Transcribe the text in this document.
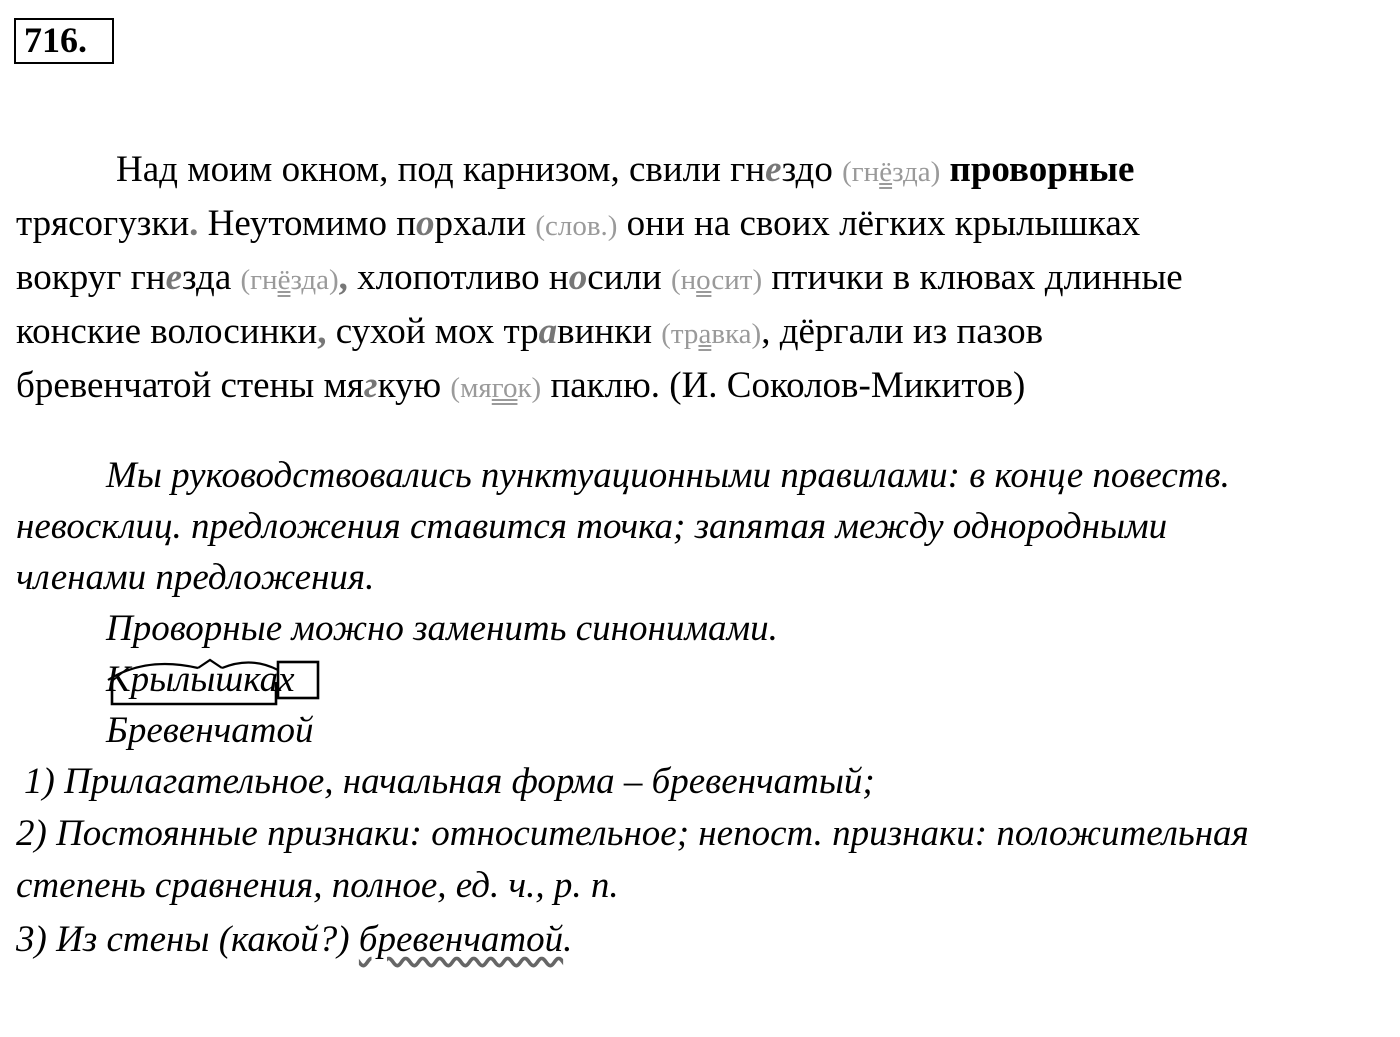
716.

Над моим окном, под карнизом, свили гнездо (гнёзда) проворные

трясогузки. Неутомимо порхали (слов.) они на своих лёгких крылышках

вокруг гнезда (гнёзда), хлопотливо носили (носит) птички в клювах длинные

конские волосинки, сухой мох травинки (травка), дёргали из пазов

бревенчатой стены мягкую (мягок) паклю. (И. Соколов-Микитов)

Мы руководствовались пунктуационными правилами: в конце повеств.

невосклиц. предложения ставится точка; запятая между однородными

членами предложения.

Проворные можно заменить синонимами.

Крылышках

Бревенчатой

1) Прилагательное, начальная форма – бревенчатый;

2) Постоянные признаки: относительное; непост. признаки: положительная

степень сравнения, полное, ед. ч., р. п.

3) Из стены (какой?) бревенчатой.
